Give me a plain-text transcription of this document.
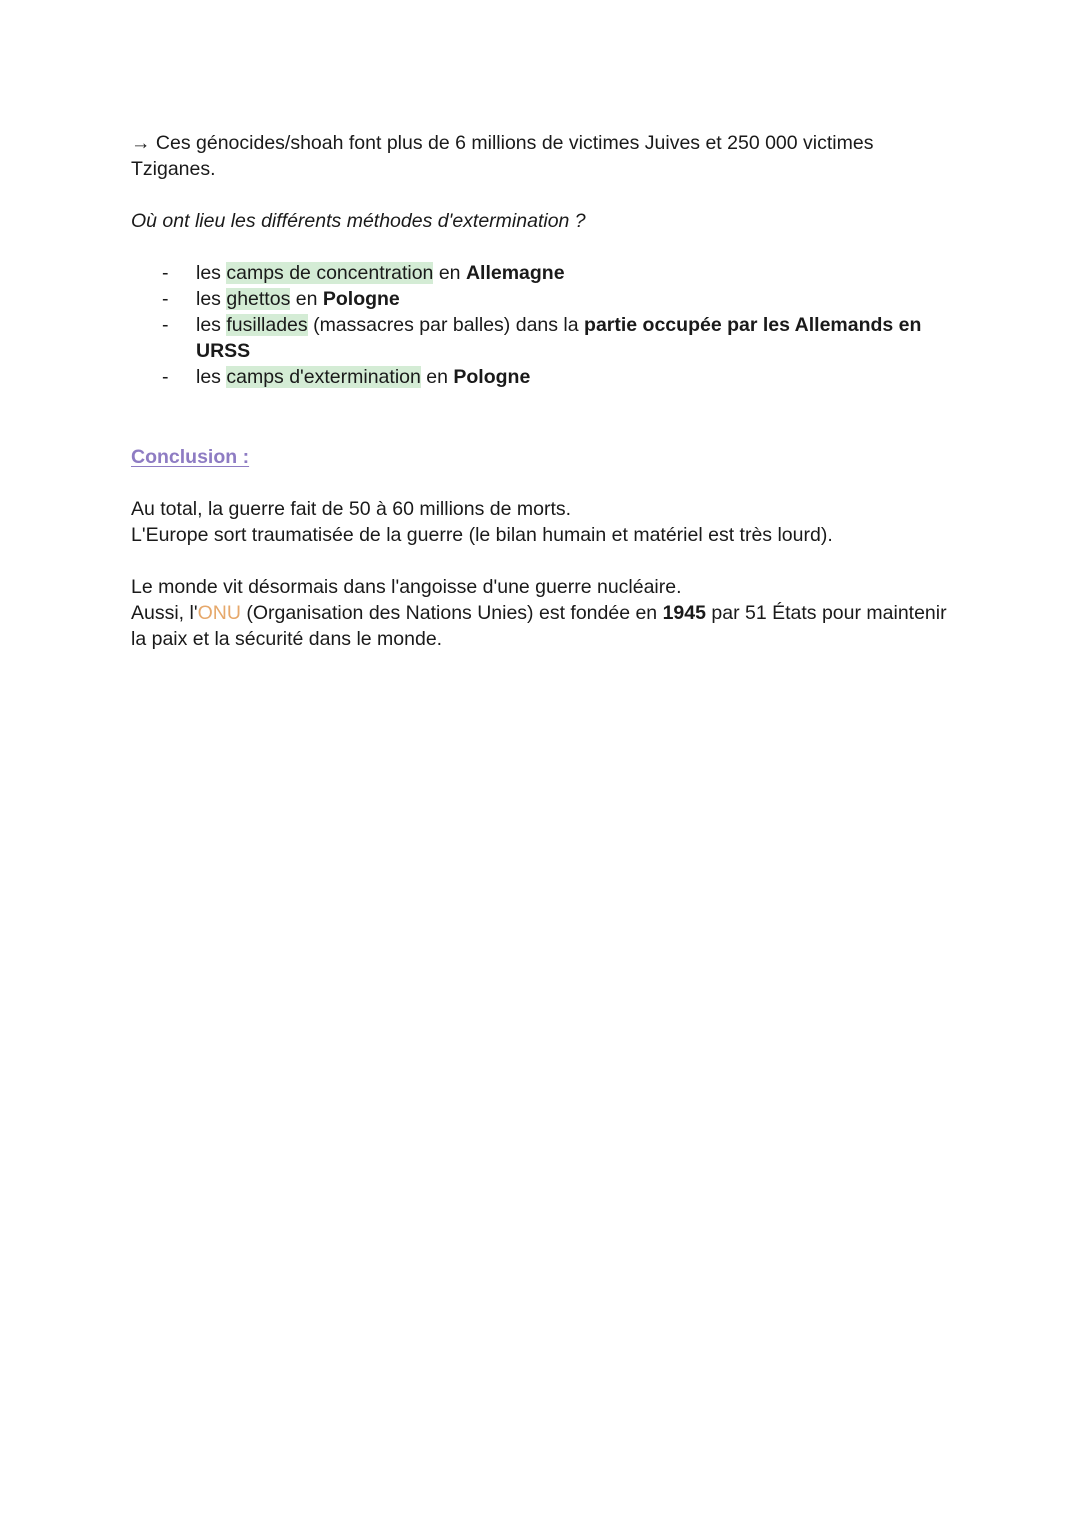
→ Ces génocides/shoah font plus de 6 millions de victimes Juives et 250 000 victimes Tziganes.

Où ont lieu les différents méthodes d'extermination ?

- les camps de concentration en Allemagne
- les ghettos en Pologne
- les fusillades (massacres par balles) dans la partie occupée par les Allemands en URSS
- les camps d'extermination en Pologne

Conclusion :

Au total, la guerre fait de 50 à 60 millions de morts.

L'Europe sort traumatisée de la guerre (le bilan humain et matériel est très lourd).

Le monde vit désormais dans l'angoisse d'une guerre nucléaire.

Aussi, l'ONU (Organisation des Nations Unies) est fondée en 1945 par 51 États pour maintenir la paix et la sécurité dans le monde.
